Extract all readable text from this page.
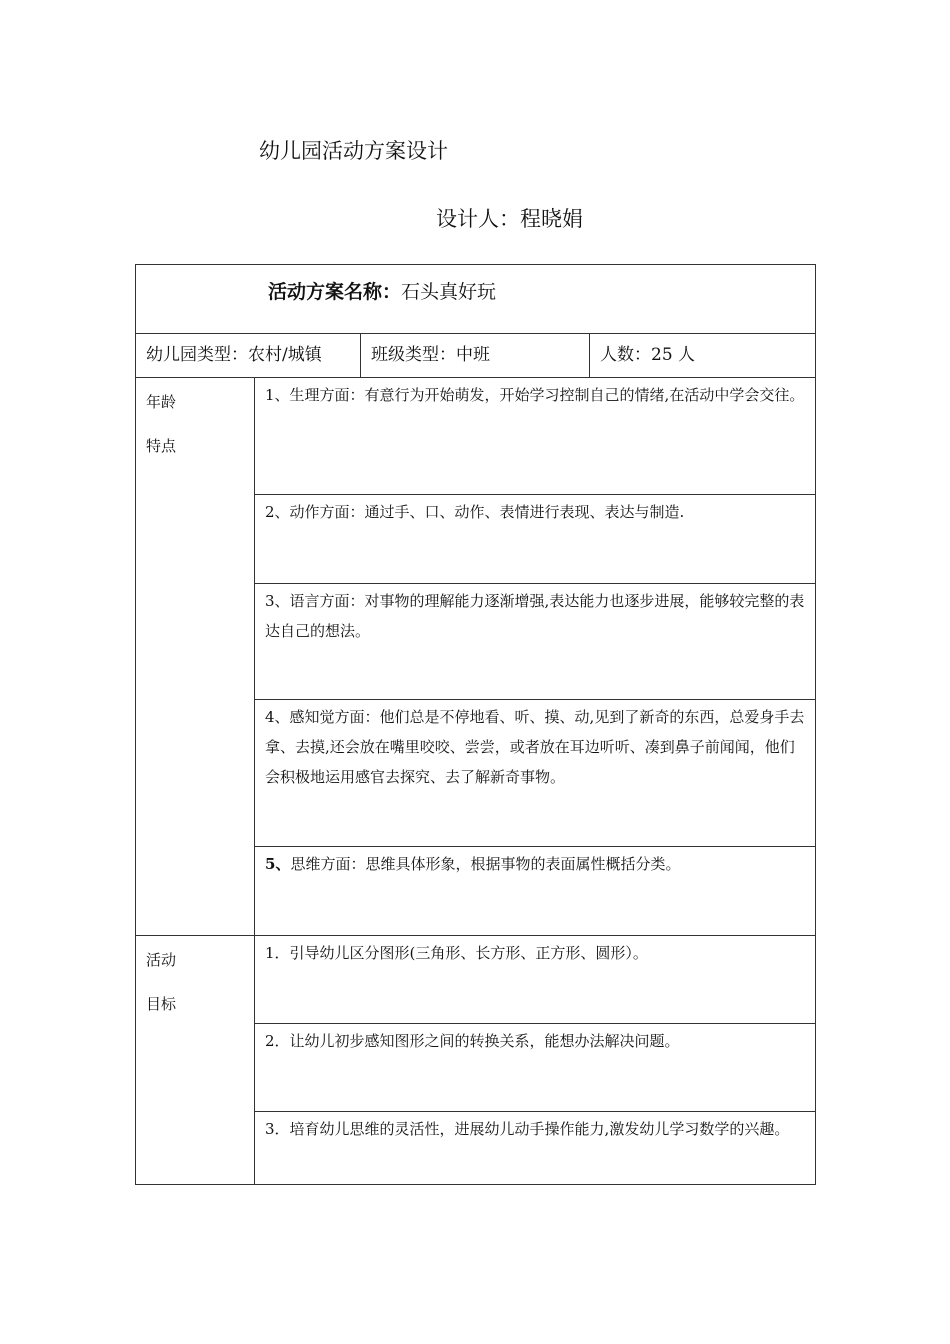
幼儿园活动方案设计
设计人：程晓娟
活动方案名称：石头真好玩			

幼儿园类型：农村/城镇		班级类型：中班	人数：25 人

年龄
特点	1、生理方面：有意行为开始萌发，开始学习控制自己的情绪,在活动中学会交往。		

	2、动作方面：通过手、口、动作、表情进行表现、表达与制造.		

	3、语言方面：对事物的理解能力逐渐增强,表达能力也逐步进展，能够较完整的表达自己的想法。		

	4、感知觉方面：他们总是不停地看、听、摸、动,见到了新奇的东西，总爱身手去拿、去摸,还会放在嘴里咬咬、尝尝，或者放在耳边听听、凑到鼻子前闻闻，他们会积极地运用感官去探究、去了解新奇事物。		

	5、思维方面：思维具体形象，根据事物的表面属性概括分类。		

活动
目标	1．引导幼儿区分图形(三角形、长方形、正方形、圆形）。		

	2．让幼儿初步感知图形之间的转换关系，能想办法解决问题。		

	3．培育幼儿思维的灵活性，进展幼儿动手操作能力,激发幼儿学习数学的兴趣。		
